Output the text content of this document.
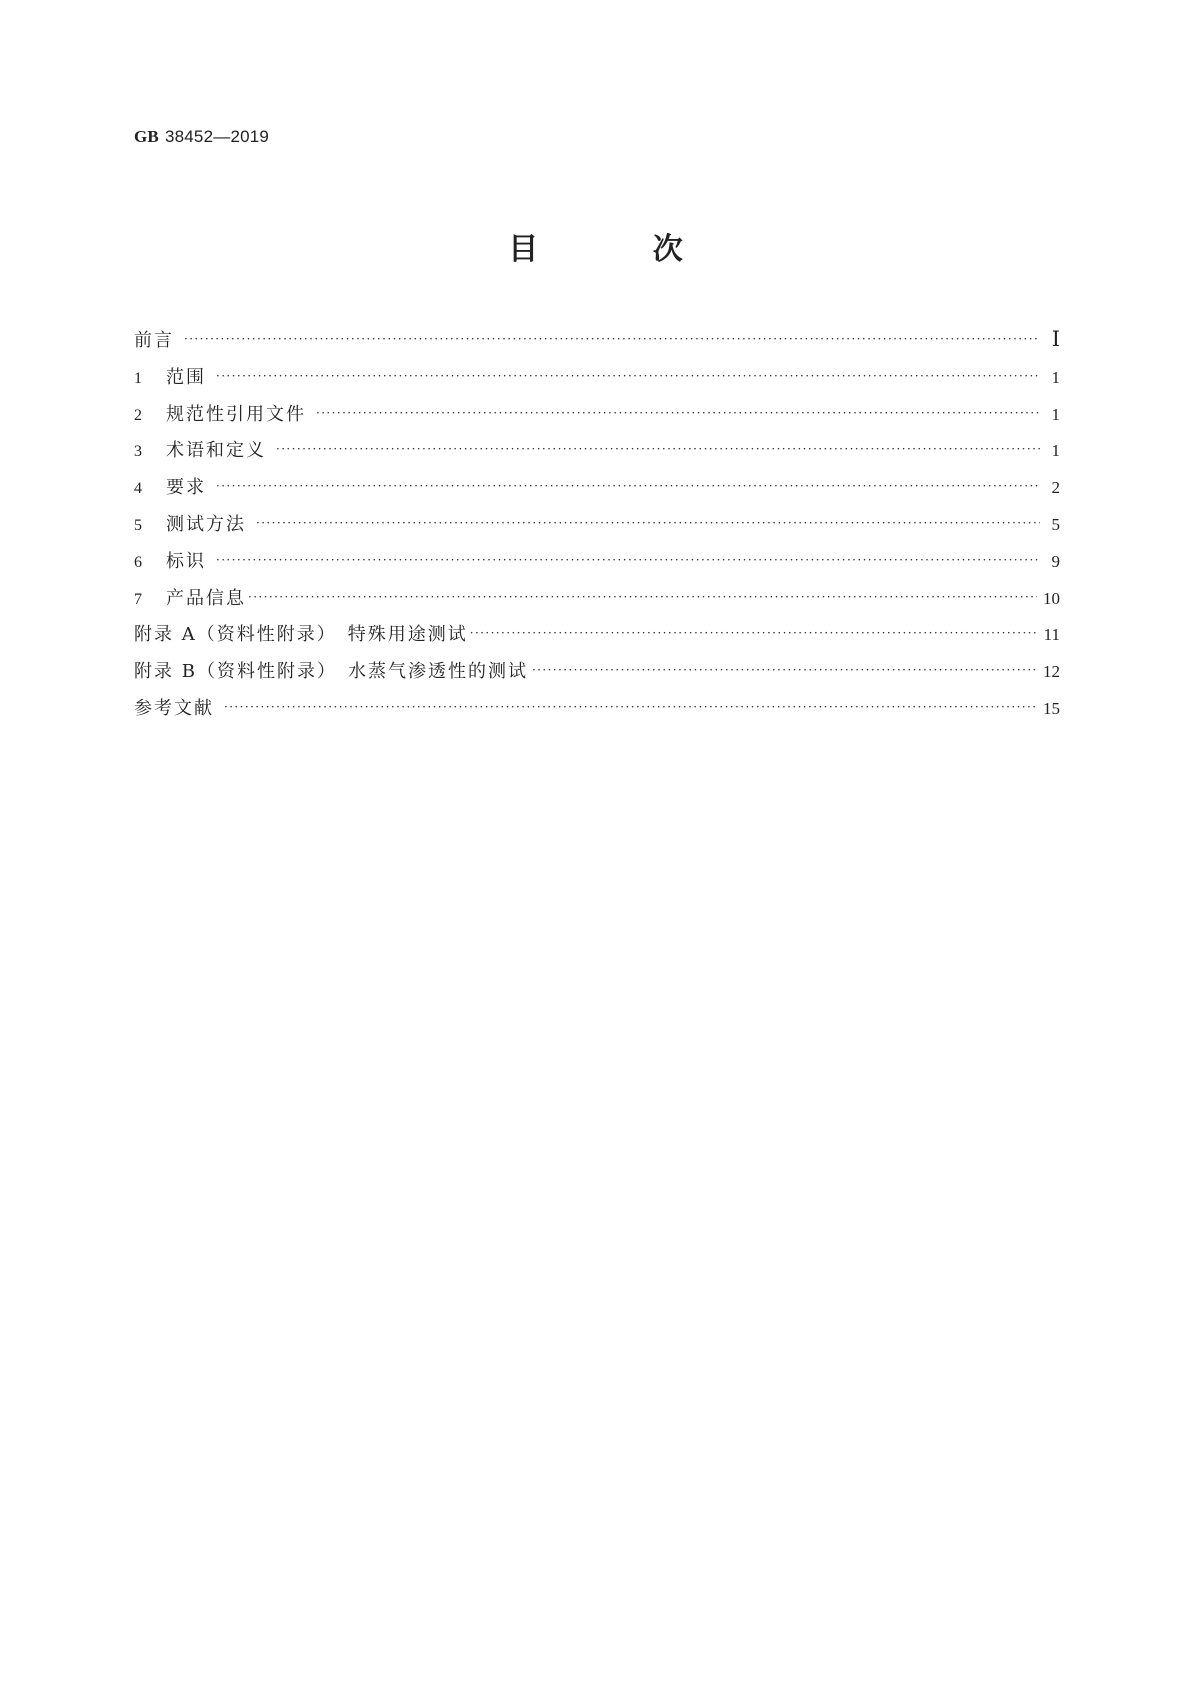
GB 38452—2019
目 次
前言 ·····	Ⅰ
1	范围 ·····	1
2	规范性引用文件 ·····	1
3	术语和定义 ·····	1
4	要求 ·····	2
5	测试方法 ·····	5
6	标识 ·····	9
7	产品信息 ·····	10
附录 A（资料性附录）　特殊用途测试 ·····	11
附录 B（资料性附录）　水蒸气渗透性的测试 ·····	12
参考文献 ·····	15
